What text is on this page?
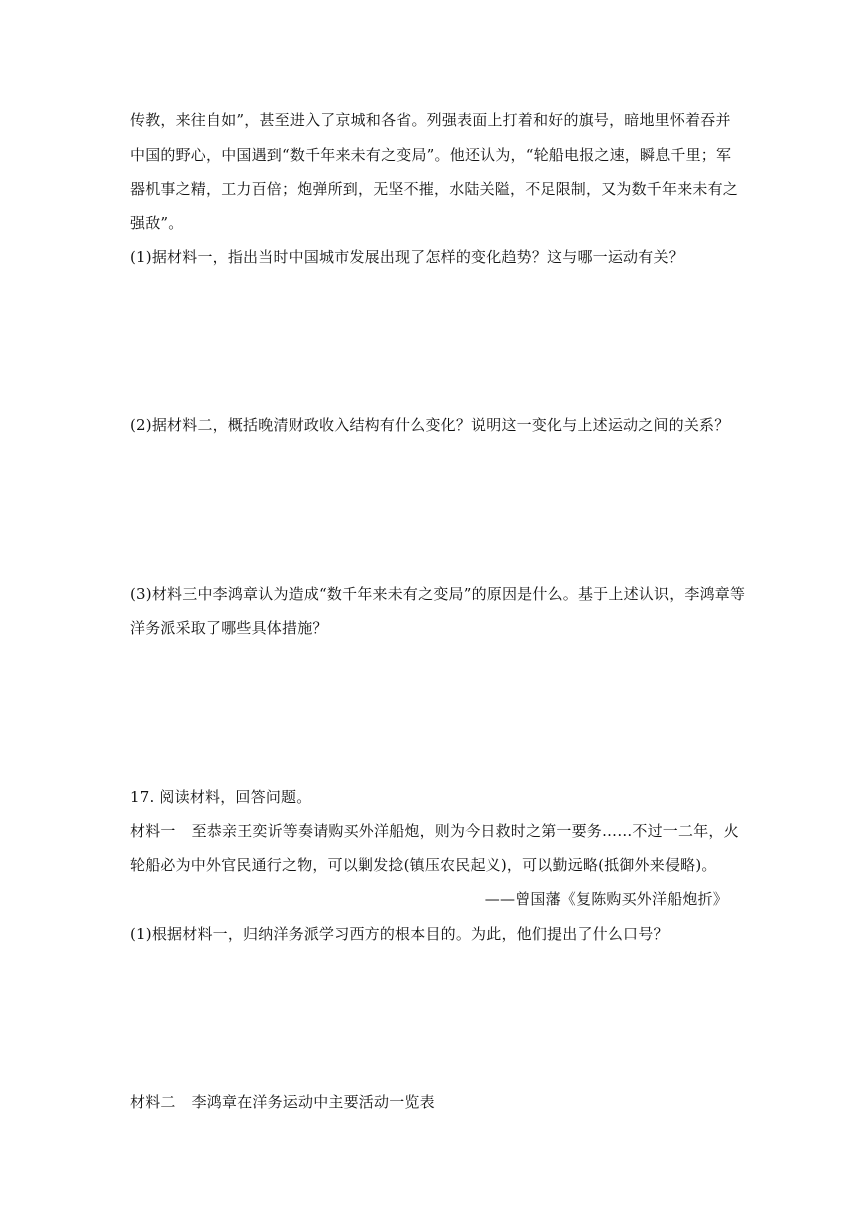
传教，来往自如”，甚至进入了京城和各省。列强表面上打着和好的旗号，暗地里怀着吞并
中国的野心，中国遇到“数千年来未有之变局”。他还认为，“轮船电报之速，瞬息千里；军
器机事之精，工力百倍；炮弹所到，无坚不摧，水陆关隘，不足限制，又为数千年来未有之
强敌”。
(1)据材料一，指出当时中国城市发展出现了怎样的变化趋势？这与哪一运动有关？
(2)据材料二，概括晚清财政收入结构有什么变化？说明这一变化与上述运动之间的关系？
(3)材料三中李鸿章认为造成“数千年来未有之变局”的原因是什么。基于上述认识，李鸿章等
洋务派采取了哪些具体措施？
17. 阅读材料，回答问题。
材料一 至恭亲王奕䜣等奏请购买外洋船炮，则为今日救时之第一要务……不过一二年，火
轮船必为中外官民通行之物，可以剿发捻(镇压农民起义)，可以勤远略(抵御外来侵略)。
——曾国藩《复陈购买外洋船炮折》
(1)根据材料一，归纳洋务派学习西方的根本目的。为此，他们提出了什么口号？
材料二 李鸿章在洋务运动中主要活动一览表
